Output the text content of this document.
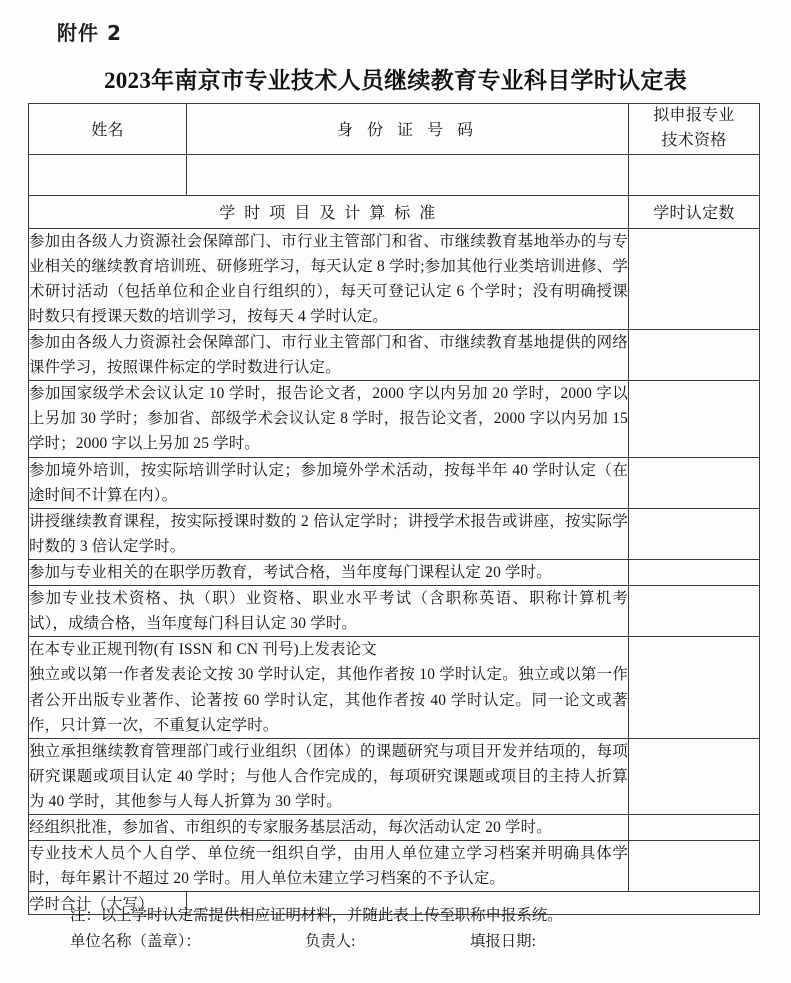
附件 2
2023年南京市专业技术人员继续教育专业科目学时认定表
姓名	身 份 证 号 码	拟申报专业
技术资格

学 时 项 目 及 计 算 标 准		学时认定数

参加由各级人力资源社会保障部门、市行业主管部门和省、市继续教育基地举办的与专业相关的继续教育培训班、研修班学习，每天认定 8 学时;参加其他行业类培训进修、学术研讨活动（包括单位和企业自行组织的），每天可登记认定 6 个学时；没有明确授课时数只有授课天数的培训学习，按每天 4 学时认定。		

参加由各级人力资源社会保障部门、市行业主管部门和省、市继续教育基地提供的网络课件学习，按照课件标定的学时数进行认定。		

参加国家级学术会议认定 10 学时，报告论文者，2000 字以内另加 20 学时，2000 字以上另加 30 学时；参加省、部级学术会议认定 8 学时，报告论文者，2000 字以内另加 15 学时；2000 字以上另加 25 学时。		

参加境外培训，按实际培训学时认定；参加境外学术活动，按每半年 40 学时认定（在途时间不计算在内）。		

讲授继续教育课程，按实际授课时数的 2 倍认定学时；讲授学术报告或讲座，按实际学时数的 3 倍认定学时。		

参加与专业相关的在职学历教育，考试合格，当年度每门课程认定 20 学时。		

参加专业技术资格、执（职）业资格、职业水平考试（含职称英语、职称计算机考试），成绩合格，当年度每门科目认定 30 学时。		

在本专业正规刊物(有 ISSN 和 CN 刊号)上发表论文

独立或以第一作者发表论文按 30 学时认定，其他作者按 10 学时认定。独立或以第一作者公开出版专业著作、论著按 60 学时认定，其他作者按 40 学时认定。同一论文或著作，只计算一次，不重复认定学时。		

独立承担继续教育管理部门或行业组织（团体）的课题研究与项目开发并结项的，每项研究课题或项目认定 40 学时；与他人合作完成的，每项研究课题或项目的主持人折算为 40 学时，其他参与人每人折算为 30 学时。		

经组织批准，参加省、市组织的专家服务基层活动，每次活动认定 20 学时。		

专业技术人员个人自学、单位统一组织自学，由用人单位建立学习档案并明确具体学时，每年累计不超过 20 学时。用人单位未建立学习档案的不予认定。		

学时合计（大写）		
注：以上学时认定需提供相应证明材料，并随此表上传至职称申报系统。
单位名称（盖章）：	负责人:	填报日期:
